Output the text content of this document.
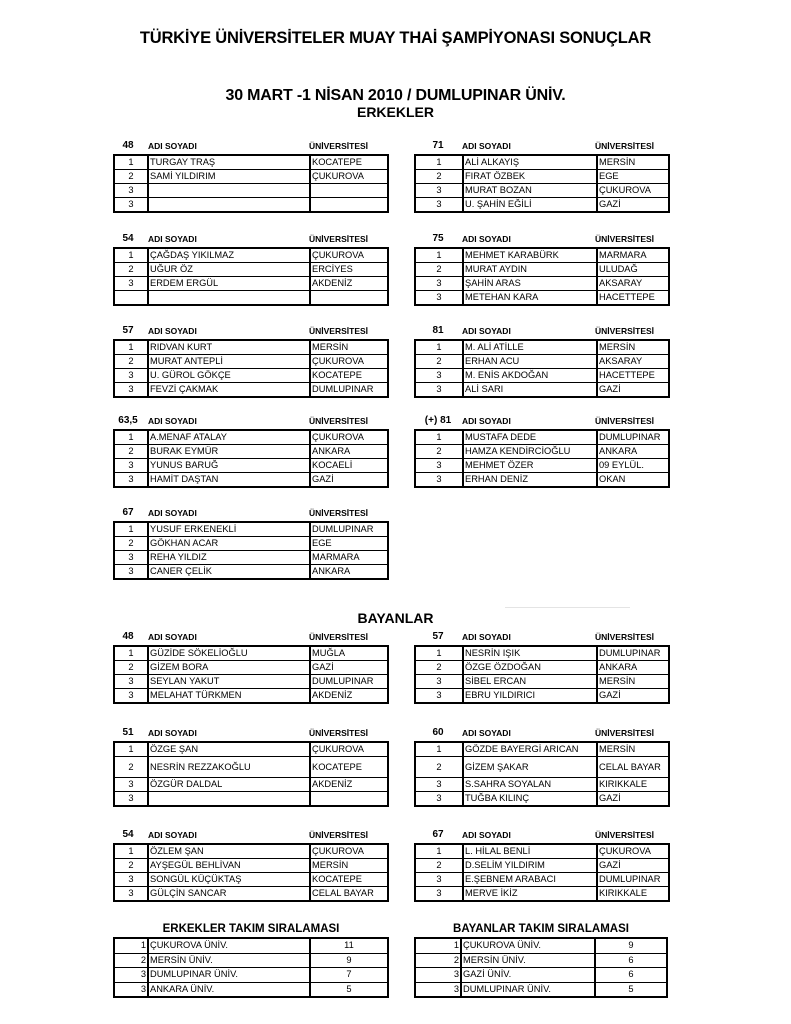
TÜRKİYE ÜNİVERSİTELER MUAY THAİ ŞAMPİYONASI SONUÇLAR
30 MART -1 NİSAN 2010 / DUMLUPINAR ÜNİV.
ERKEKLER
BAYANLAR
48	ADI SOYADI	ÜNİVERSİTESİ
1	TURGAY TRAŞ	KOCATEPE
2	SAMİ YILDIRIM	ÇUKUROVA
3		
3		
71	ADI SOYADI	ÜNİVERSİTESİ
1	ALİ ALKAYIŞ	MERSİN
2	FIRAT ÖZBEK	EGE
3	MURAT BOZAN	ÇUKUROVA
3	U. ŞAHİN EĞİLİ	GAZİ
54	ADI SOYADI	ÜNİVERSİTESİ
1	ÇAĞDAŞ YIKILMAZ	ÇUKUROVA
2	UĞUR ÖZ	ERCİYES
3	ERDEM ERGÜL	AKDENİZ

75	ADI SOYADI	ÜNİVERSİTESİ
1	MEHMET KARABÜRK	MARMARA
2	MURAT AYDIN	ULUDAĞ
3	ŞAHİN ARAS	AKSARAY
3	METEHAN KARA	HACETTEPE
57	ADI SOYADI	ÜNİVERSİTESİ
1	RIDVAN KURT	MERSİN
2	MURAT ANTEPLİ	ÇUKUROVA
3	U. GÜROL GÖKÇE	KOCATEPE
3	FEVZİ ÇAKMAK	DUMLUPINAR
81	ADI SOYADI	ÜNİVERSİTESİ
1	M. ALİ ATİLLE	MERSİN
2	ERHAN ACU	AKSARAY
3	M. ENİS AKDOĞAN	HACETTEPE
3	ALİ SARI	GAZİ
63,5	ADI SOYADI	ÜNİVERSİTESİ
1	A.MENAF ATALAY	ÇUKUROVA
2	BURAK EYMÜR	ANKARA
3	YUNUS BARUĞ	KOCAELİ
3	HAMİT DAŞTAN	GAZİ
(+) 81	ADI SOYADI	ÜNİVERSİTESİ
1	MUSTAFA DEDE	DUMLUPINAR
2	HAMZA KENDİRCİOĞLU	ANKARA
3	MEHMET ÖZER	09 EYLÜL.
3	ERHAN DENİZ	OKAN
67	ADI SOYADI	ÜNİVERSİTESİ
1	YUSUF ERKENEKLİ	DUMLUPINAR
2	GÖKHAN ACAR	EGE
3	REHA YILDIZ	MARMARA
3	CANER ÇELİK	ANKARA
48	ADI SOYADI	ÜNİVERSİTESİ
1	GÜZİDE SÖKELİOĞLU	MUĞLA
2	GİZEM BORA	GAZİ
3	SEYLAN YAKUT	DUMLUPINAR
3	MELAHAT TÜRKMEN	AKDENİZ
57	ADI SOYADI	ÜNİVERSİTESİ
1	NESRİN IŞIK	DUMLUPINAR
2	ÖZGE ÖZDOĞAN	ANKARA
3	SİBEL ERCAN	MERSİN
3	EBRU YILDIRICI	GAZİ
51	ADI SOYADI	ÜNİVERSİTESİ
1	ÖZGE ŞAN	ÇUKUROVA
2	NESRİN REZZAKOĞLU	KOCATEPE
3	ÖZGÜR DALDAL	AKDENİZ
3		
60	ADI SOYADI	ÜNİVERSİTESİ
1	GÖZDE BAYERGİ ARICAN	MERSİN
2	GİZEM ŞAKAR	CELAL BAYAR
3	S.SAHRA SOYALAN	KIRIKKALE
3	TUĞBA KILINÇ	GAZİ
54	ADI SOYADI	ÜNİVERSİTESİ
1	ÖZLEM ŞAN	ÇUKUROVA
2	AYŞEGÜL BEHLİVAN	MERSİN
3	SONGÜL KÜÇÜKTAŞ	KOCATEPE
3	GÜLÇİN SANCAR	CELAL BAYAR
67	ADI SOYADI	ÜNİVERSİTESİ
1	L. HİLAL BENLİ	ÇUKUROVA
2	D.SELİM YILDIRIM	GAZİ
3	E.ŞEBNEM ARABACI	DUMLUPINAR
3	MERVE İKİZ	KIRIKKALE
ERKEKLER TAKIM SIRALAMASI
1	ÇUKUROVA ÜNİV.	11
2	MERSİN ÜNİV.	9
3	DUMLUPINAR ÜNİV.	7
3	ANKARA ÜNİV.	5
BAYANLAR TAKIM SIRALAMASI
1	ÇUKUROVA ÜNİV.	9
2	MERSİN ÜNİV.	6
3	GAZİ ÜNİV.	6
3	DUMLUPINAR ÜNİV.	5
